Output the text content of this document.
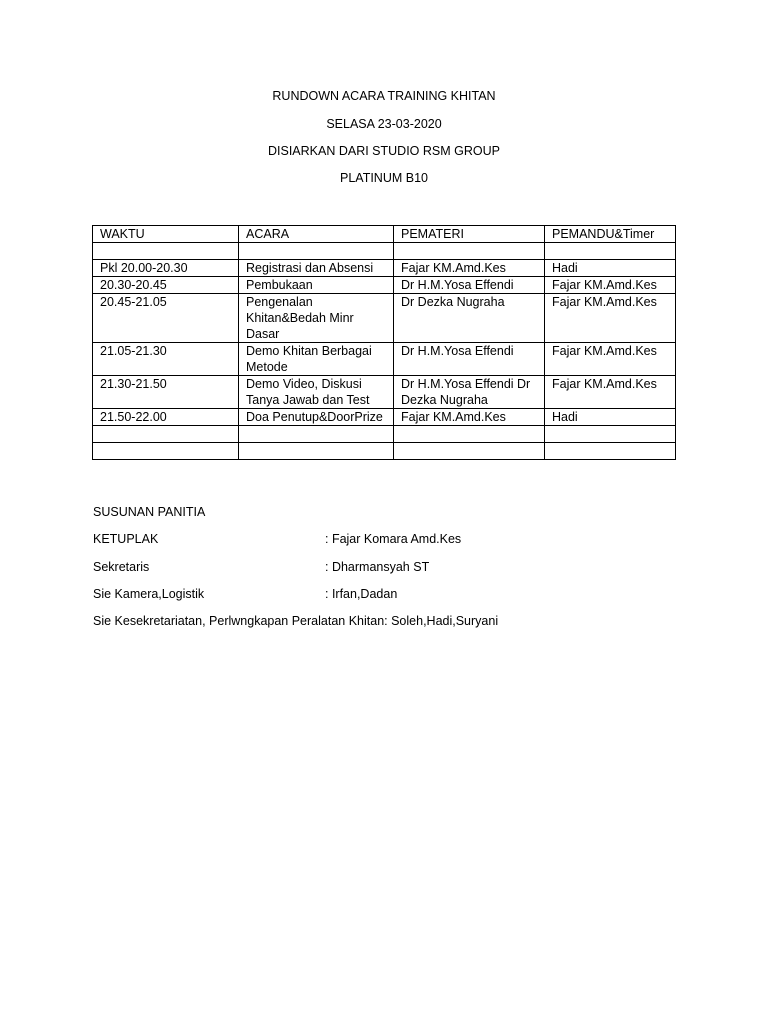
RUNDOWN ACARA TRAINING KHITAN
SELASA 23-03-2020
DISIARKAN DARI STUDIO RSM GROUP
PLATINUM B10
WAKTU	ACARA	PEMATERI	PEMANDU&Timer

Pkl 20.00-20.30	Registrasi dan Absensi	Fajar KM.Amd.Kes	Hadi
20.30-20.45	Pembukaan	Dr H.M.Yosa Effendi	Fajar KM.Amd.Kes
20.45-21.05	Pengenalan Khitan&Bedah Minr Dasar	Dr Dezka Nugraha	Fajar KM.Amd.Kes
21.05-21.30	Demo Khitan Berbagai Metode	Dr H.M.Yosa Effendi	Fajar KM.Amd.Kes
21.30-21.50	Demo Video, Diskusi Tanya Jawab dan Test	Dr H.M.Yosa Effendi Dr Dezka Nugraha	Fajar KM.Amd.Kes
21.50-22.00	Doa Penutup&DoorPrize	Fajar KM.Amd.Kes	Hadi

SUSUNAN PANITIA
KETUPLAK	: Fajar Komara Amd.Kes
Sekretaris	: Dharmansyah ST
Sie Kamera,Logistik	: Irfan,Dadan
Sie Kesekretariatan, Perlwngkapan Peralatan Khitan: Soleh,Hadi,Suryani
